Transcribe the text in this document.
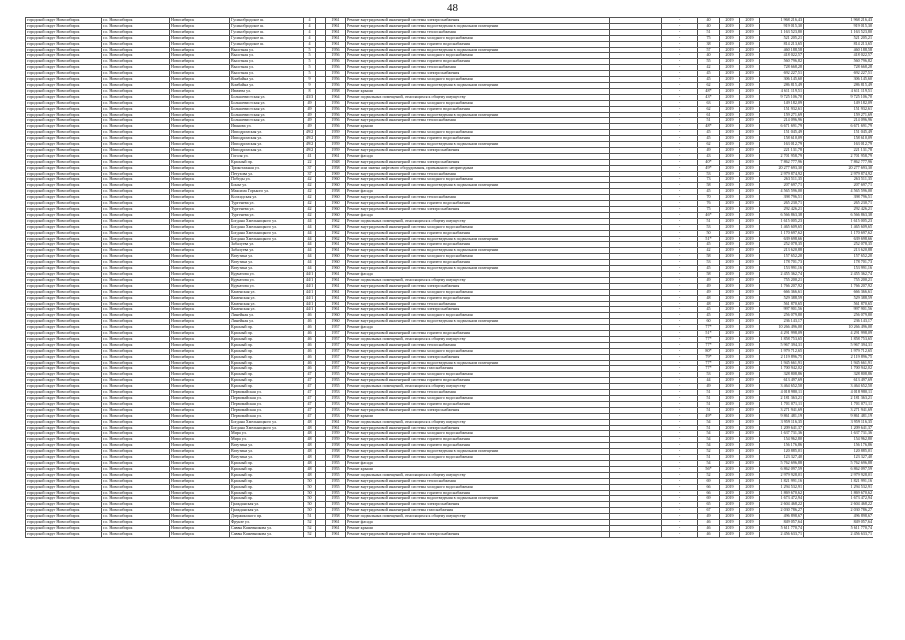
48
городской округ Новосибирск	г.о. Новосибирск	Новосибирск	Гусинобродское ш.	4		1961	Ремонт внутридомовой инженерной системы электроснабжения		-	40	2019	2019	1 968 216,43	1 968 216,43
городской округ Новосибирск	г.о. Новосибирск	Новосибирск	Гусинобродское ш.	4		1961	Ремонт внутридомовой инженерной системы водоотведения в подвальном помещении		-	40	2019	2019	919 015,30	919 015,30
городской округ Новосибирск	г.о. Новосибирск	Новосибирск	Гусинобродское ш.	4		1961	Ремонт внутридомовой инженерной системы теплоснабжения		-	51	2019	2019	1 163 523,80	1 163 523,80
городской округ Новосибирск	г.о. Новосибирск	Новосибирск	Гусинобродское ш.	4		1961	Ремонт внутридомовой инженерной системы холодного водоснабжения		-	75	2019	2019	521 205,21	521 205,21
городской округ Новосибирск	г.о. Новосибирск	Новосибирск	Гусинобродское ш.	4		1961	Ремонт внутридомовой инженерной системы горячего водоснабжения		-	38	2019	2019	814 213,65	814 213,65
городской округ Новосибирск	г.о. Новосибирск	Новосибирск	Высотная ул.	5		1956	Ремонт внутридомовой инженерной системы водоотведения в подвальном помещении		-	57	2019	2019	460 188,58	460 188,58
городской округ Новосибирск	г.о. Новосибирск	Новосибирск	Высотная ул.	5		1956	Ремонт внутридомовой инженерной системы холодного водоснабжения		-	40	2019	2019	418 022,57	418 022,57
городской округ Новосибирск	г.о. Новосибирск	Новосибирск	Высотная ул.	5		1956	Ремонт внутридомовой инженерной системы горячего водоснабжения		-	55	2019	2019	560 796,82	560 796,82
городской округ Новосибирск	г.о. Новосибирск	Новосибирск	Высотная ул.	5		1956	Ремонт внутридомовой инженерной системы теплоснабжения		-	42	2019	2019	728 668,28	728 668,28
городской округ Новосибирск	г.о. Новосибирск	Новосибирск	Высотная ул.	5		1956	Ремонт внутридомовой инженерной системы электроснабжения		-	45	2019	2019	692 227,51	692 227,51
городской округ Новосибирск	г.о. Новосибирск	Новосибирск	Комбайна ул.	9		1956	Ремонт внутридомовой инженерной системы холодного водоснабжения		-	45	2019	2019	306 145,60	306 145,60
городской округ Новосибирск	г.о. Новосибирск	Новосибирск	Комбайна ул.	9		1956	Ремонт внутридомовой инженерной системы водоотведения в подвальном помещении		-	62	2019	2019	286 815,49	286 815,49
городской округ Новосибирск	г.о. Новосибирск	Новосибирск	Ивачева ул.	8		1958	Ремонт крыши		-	48*	2019	2019	4 611 119,51	4 611 119,51
городской округ Новосибирск	г.о. Новосибирск	Новосибирск	Большевистская ул.	43/3		1964	Ремонт подвальных помещений, относящихся к общему имуществу		-	43*	2019	2019	9 725 106,70	9 725 106,70
городской округ Новосибирск	г.о. Новосибирск	Новосибирск	Большевистская ул.	49		1956	Ремонт внутридомовой инженерной системы холодного водоснабжения		-	63	2019	2019	149 182,09	149 182,09
городской округ Новосибирск	г.о. Новосибирск	Новосибирск	Большевистская ул.	49		1956	Ремонт внутридомовой инженерной системы горячего водоснабжения		-	62	2019	2019	151 932,61	151 932,61
городской округ Новосибирск	г.о. Новосибирск	Новосибирск	Большевистская ул.	49		1956	Ремонт внутридомовой инженерной системы водоотведения в подвальном помещении		-	61	2019	2019	159 271,69	159 271,69
городской округ Новосибирск	г.о. Новосибирск	Новосибирск	Большевистская ул.	49		1956	Ремонт внутридомовой инженерной системы теплоснабжения		-	51	2019	2019	214 096,96	214 096,96
городской округ Новосибирск	г.о. Новосибирск	Новосибирск	Иванова ул.	49		1956	Ремонт крыши		-	48*	2019	2019	6 671 691,79	6 671 691,79
городской округ Новосибирск	г.о. Новосибирск	Новосибирск	Ипподромская ул.	49/2		1959	Ремонт внутридомовой инженерной системы холодного водоснабжения		-	45	2019	2019	151 045,49	151 045,49
городской округ Новосибирск	г.о. Новосибирск	Новосибирск	Ипподромская ул.	49/2		1959	Ремонт внутридомовой инженерной системы горячего водоснабжения		-	45	2019	2019	158 610,09	158 610,09
городской округ Новосибирск	г.о. Новосибирск	Новосибирск	Ипподромская ул.	49/2		1959	Ремонт внутридомовой инженерной системы водоотведения в подвальном помещении		-	62	2019	2019	163 012,79	163 012,79
городской округ Новосибирск	г.о. Новосибирск	Новосибирск	Ипподромская ул.	49/2		1959	Ремонт внутридомовой инженерной системы электроснабжения		-	49	2019	2019	221 131,78	221 131,78
городской округ Новосибирск	г.о. Новосибирск	Новосибирск	Гоголя ул.	41		1961	Ремонт фасада		-	43	2019	2019	2 701 958,79	2 701 958,79
городской округ Новосибирск	г.о. Новосибирск	Новосибирск	Красный пр.	22		1948	Ремонт внутридомовой инженерной системы электроснабжения		-	40*	2019	2019	7 862 777,96	7 862 777,96
городской округ Новосибирск	г.о. Новосибирск	Новосибирск	Трикотажная ул.	37		1958	Ремонт или замена лифтового оборудования, признанного непригодным		-	49*	2019	2019	20 277 693,30	20 277 693,30
городской округ Новосибирск	г.о. Новосибирск	Новосибирск	Петухова ул.	37		1969	Ремонт внутридомовой инженерной системы теплоснабжения		-	53	2019	2019	2 979 874,92	2 979 874,92
городской округ Новосибирск	г.о. Новосибирск	Новосибирск	Победы ул.	42		1960	Ремонт внутридомовой инженерной системы холодного водоснабжения		-	73	2019	2019	263 511,35	263 511,35
городской округ Новосибирск	г.о. Новосибирск	Новосибирск	Бонье ул.	42		1960	Ремонт внутридомовой инженерной системы водоотведения в подвальном помещении		-	58	2019	2019	207 697,71	207 697,71
городской округ Новосибирск	г.о. Новосибирск	Новосибирск	Максима Горького ул.	42		1958	Ремонт фасада		-	45	2019	2019	4 565 596,00	4 565 596,00
городской округ Новосибирск	г.о. Новосибирск	Новосибирск	Колхидская ул.	42		1960	Ремонт внутридомовой инженерной системы теплоснабжения		-	70	2019	2019	398 796,51	398 796,51
городской округ Новосибирск	г.о. Новосибирск	Новосибирск	Тургенева ул.	42		1960	Ремонт внутридомовой инженерной системы горячего водоснабжения		-	76	2019	2019	265 230,71	265 230,71
городской округ Новосибирск	г.о. Новосибирск	Новосибирск	Тургенева ул.	42		1960	Ремонт внутридомовой инженерной системы электроснабжения		-	75	2019	2019	292 426,21	292 426,21
городской округ Новосибирск	г.о. Новосибирск	Новосибирск	Тургенева ул.	42		1960	Ремонт фасада		-	46*	2019	2019	6 566 863,38	6 566 863,38
городской округ Новосибирск	г.о. Новосибирск	Новосибирск	Богдана Хмельницкого ул.	44		1962	Ремонт подвальных помещений, относящихся к общему имуществу		-	51	2019	2019	1 615 005,23	1 615 005,23
городской округ Новосибирск	г.о. Новосибирск	Новосибирск	Богдана Хмельницкого ул.	44		1962	Ремонт внутридомовой инженерной системы холодного водоснабжения		-	53	2019	2019	1 465 609,65	1 465 609,65
городской округ Новосибирск	г.о. Новосибирск	Новосибирск	Богдана Хмельницкого ул.	44		1962	Ремонт внутридомовой инженерной системы горячего водоснабжения		-	50	2019	2019	1 170 697,62	1 170 697,62
городской округ Новосибирск	г.о. Новосибирск	Новосибирск	Богдана Хмельницкого ул.	44		1962	Ремонт внутридомовой инженерной системы водоотведения в подвальном помещении		-	51*	2019	2019	639 698,66	639 698,66
городской округ Новосибирск	г.о. Новосибирск	Новосибирск	Забалуева ул.	44		1961	Ремонт внутридомовой инженерной системы горячего водоснабжения		-	45	2019	2019	252 078,35	252 078,35
городской округ Новосибирск	г.о. Новосибирск	Новосибирск	Забалуева ул.	44		1961	Ремонт внутридомовой инженерной системы водоотведения в подвальном помещении		-	42	2019	2019	213 620,88	213 620,88
городской округ Новосибирск	г.о. Новосибирск	Новосибирск	Ватутина ул.	44		1960	Ремонт внутридомовой инженерной системы холодного водоснабжения		-	58	2019	2019	157 652,20	157 652,20
городской округ Новосибирск	г.о. Новосибирск	Новосибирск	Ватутина ул.	44		1960	Ремонт внутридомовой инженерной системы горячего водоснабжения		-	53	2019	2019	178 701,73	178 701,73
городской округ Новосибирск	г.о. Новосибирск	Новосибирск	Ватутина ул.	44		1960	Ремонт внутридомовой инженерной системы водоотведения в подвальном помещении		-	45	2019	2019	153 991,16	153 991,16
городской округ Новосибирск	г.о. Новосибирск	Новосибирск	Курчатова ул.	44/1		1961	Ремонт фасада		-	58	2019	2019	2 455 362,74	2 455 362,74
городской округ Новосибирск	г.о. Новосибирск	Новосибирск	Курчатова ул.	44/1		1961	Ремонт подвальных помещений, относящихся к общему имуществу		-	49	2019	2019	755 200,21	755 200,21
городской округ Новосибирск	г.о. Новосибирск	Новосибирск	Курчатова ул.	44/1		1961	Ремонт внутридомовой инженерной системы электроснабжения		-	49	2019	2019	1 766 207,92	1 766 207,92
городской округ Новосибирск	г.о. Новосибирск	Новосибирск	Каменская ул.	44/1		1961	Ремонт внутридомовой инженерной системы холодного водоснабжения		-	49	2019	2019	666 366,61	666 366,61
городской округ Новосибирск	г.о. Новосибирск	Новосибирск	Каменская ул.	44/1		1961	Ремонт внутридомовой инженерной системы горячего водоснабжения		-	48	2019	2019	529 388,59	529 388,59
городской округ Новосибирск	г.о. Новосибирск	Новосибирск	Каменская ул.	44/1		1961	Ремонт внутридомовой инженерной системы теплоснабжения		-	48	2019	2019	561 870,65	561 870,65
городской округ Новосибирск	г.о. Новосибирск	Новосибирск	Каменская ул.	44/1		1961	Ремонт внутридомовой инженерной системы электроснабжения		-	45	2019	2019	997 901,56	997 901,56
городской округ Новосибирск	г.о. Новосибирск	Новосибирск	Линейная ул.	46		1960	Ремонт внутридомовой инженерной системы холодного водоснабжения		-	45	2019	2019	256 079,80	256 079,80
городской округ Новосибирск	г.о. Новосибирск	Новосибирск	Линейная ул.	46		1960	Ремонт внутридомовой инженерной системы водоотведения в подвальном помещении		-	60	2019	2019	236 143,17	236 143,17
городской округ Новосибирск	г.о. Новосибирск	Новосибирск	Красный пр.	46		1957	Ремонт фасада		-	77*	2019	2019	10 266 496,00	10 266 496,00
городской округ Новосибирск	г.о. Новосибирск	Новосибирск	Красный пр.	46		1957	Ремонт внутридомовой инженерной системы горячего водоснабжения		-	51*	2019	2019	4 291 998,09	4 291 998,09
городской округ Новосибирск	г.о. Новосибирск	Новосибирск	Красный пр.	46		1957	Ремонт подвальных помещений, относящихся к общему имуществу		-	77*	2019	2019	1 858 753,65	1 858 753,65
городской округ Новосибирск	г.о. Новосибирск	Новосибирск	Красный пр.	46		1957	Ремонт внутридомовой инженерной системы теплоснабжения		-	77*	2019	2019	5 967 394,31	5 967 394,31
городской округ Новосибирск	г.о. Новосибирск	Новосибирск	Красный пр.	46		1957	Ремонт внутридомовой инженерной системы холодного водоснабжения		-	80*	2019	2019	1 979 712,65	1 979 712,65
городской округ Новосибирск	г.о. Новосибирск	Новосибирск	Красный пр.	46		1957	Ремонт внутридомовой инженерной системы электроснабжения		-	79*	2019	2019	2 119 896,75	2 119 896,75
городской округ Новосибирск	г.о. Новосибирск	Новосибирск	Красный пр.	46		1957	Ремонт внутридомовой инженерной системы водоотведения в подвальном помещении		-	77*	2019	2019	1 945 661,91	1 945 661,91
городской округ Новосибирск	г.о. Новосибирск	Новосибирск	Красный пр.	46		1957	Ремонт внутридомовой инженерной системы газоснабжения		-	77*	2019	2019	1 700 942,02	1 700 942,02
городской округ Новосибирск	г.о. Новосибирск	Новосибирск	Красный пр.	47		1955	Ремонт внутридомовой инженерной системы холодного водоснабжения		-	53	2019	2019	328 808,86	328 808,86
городской округ Новосибирск	г.о. Новосибирск	Новосибирск	Красный пр.	47		1955	Ремонт внутридомовой инженерной системы горячего водоснабжения		-	44	2019	2019	613 497,69	613 497,69
городской округ Новосибирск	г.о. Новосибирск	Новосибирск	Красный пр.	47		1955	Ремонт подвальных помещений, относящихся к общему имуществу		-	49	2019	2019	3 464 652,50	3 464 652,50
городской округ Новосибирск	г.о. Новосибирск	Новосибирск	Первомайская ул.	47		1953	Ремонт внутридомовой инженерной системы теплоснабжения		-	51	2019	2019	4 018 980,11	4 018 980,11
городской округ Новосибирск	г.о. Новосибирск	Новосибирск	Первомайская ул.	47		1953	Ремонт внутридомовой инженерной системы холодного водоснабжения		-	51	2019	2019	2 181 363,21	2 181 363,21
городской округ Новосибирск	г.о. Новосибирск	Новосибирск	Первомайская ул.	47		1953	Ремонт внутридомовой инженерной системы горячего водоснабжения		-	51	2019	2019	1 701 071,11	1 701 071,11
городской округ Новосибирск	г.о. Новосибирск	Новосибирск	Первомайская ул.	47		1953	Ремонт внутридомовой инженерной системы электроснабжения		-	51	2019	2019	3 271 941,69	3 271 941,69
городской округ Новосибирск	г.о. Новосибирск	Новосибирск	Первомайская ул.	47		1953	Ремонт крыши		-	49*	2019	2019	9 861 481,19	9 861 481,19
городской округ Новосибирск	г.о. Новосибирск	Новосибирск	Богдана Хмельницкого ул.	48		1961	Ремонт подвальных помещений, относящихся к общему имуществу		-	54	2019	2019	3 959 116,35	3 959 116,35
городской округ Новосибирск	г.о. Новосибирск	Новосибирск	Богдана Хмельницкого ул.	48		1961	Ремонт внутридомовой инженерной системы электроснабжения		-	51	2019	2019	1 209 641,37	1 209 641,37
городской округ Новосибирск	г.о. Новосибирск	Новосибирск	Мира ул.	48		1959	Ремонт внутридомовой инженерной системы холодного водоснабжения		-	54	2019	2019	1 637 731,36	1 637 731,36
городской округ Новосибирск	г.о. Новосибирск	Новосибирск	Мира ул.	48		1959	Ремонт внутридомовой инженерной системы горячего водоснабжения		-	54	2019	2019	154 962,80	154 962,80
городской округ Новосибирск	г.о. Новосибирск	Новосибирск	Ватутина ул.	48		1958	Ремонт внутридомовой инженерной системы горячего водоснабжения		-	54	2019	2019	156 176,86	156 176,86
городской округ Новосибирск	г.о. Новосибирск	Новосибирск	Ватутина ул.	48		1958	Ремонт внутридомовой инженерной системы водоотведения в подвальном помещении		-	52	2019	2019	120 885,01	120 885,01
городской округ Новосибирск	г.о. Новосибирск	Новосибирск	Ватутина ул.	48		1958	Ремонт внутридомовой инженерной системы холодного водоснабжения		-	51	2019	2019	123 327,40	123 327,40
городской округ Новосибирск	г.о. Новосибирск	Новосибирск	Красный пр.	48		1955	Ремонт фасада		-	54	2019	2019	5 762 696,88	5 762 696,88
городской округ Новосибирск	г.о. Новосибирск	Новосибирск	Красный пр.	48		1955	Ремонт крыши		-	56*	2019	2019	6 862 097,59	6 862 097,59
городской округ Новосибирск	г.о. Новосибирск	Новосибирск	Красный пр.	48		1955	Ремонт подвальных помещений, относящихся к общему имуществу		-	52	2019	2019	2 979 928,01	2 979 928,01
городской округ Новосибирск	г.о. Новосибирск	Новосибирск	Красный пр.	50		1955	Ремонт внутридомовой инженерной системы теплоснабжения		-	69	2019	2019	1 821 991,16	1 821 991,16
городской округ Новосибирск	г.о. Новосибирск	Новосибирск	Красный пр.	50		1955	Ремонт внутридомовой инженерной системы холодного водоснабжения		-	66	2019	2019	1 294 532,91	1 294 532,91
городской округ Новосибирск	г.о. Новосибирск	Новосибирск	Красный пр.	50		1955	Ремонт внутридомовой инженерной системы горячего водоснабжения		-	66	2019	2019	1 869 670,62	1 869 670,62
городской округ Новосибирск	г.о. Новосибирск	Новосибирск	Красный пр.	50		1955	Ремонт внутридомовой инженерной системы водоотведения в подвальном помещении		-	69	2019	2019	1 673 472,94	1 673 472,94
городской округ Новосибирск	г.о. Новосибирск	Новосибирск	Гражданская ул.	50		1955	Ремонт внутридомовой инженерной системы электроснабжения		-	65	2019	2019	2 604 468,22	2 604 468,22
городской округ Новосибирск	г.о. Новосибирск	Новосибирск	Гражданская ул.	50		1955	Ремонт внутридомовой инженерной системы газоснабжения		-	67	2019	2019	2 030 786,27	2 030 786,27
городской округ Новосибирск	г.о. Новосибирск	Новосибирск	Дзержинского пр.	51		1958	Ремонт подвальных помещений, относящихся к общему имуществу		-	49	2019	2019	496 898,67	496 898,67
городской округ Новосибирск	г.о. Новосибирск	Новосибирск	Фрунзе ул.	52		1961	Ремонт фасада		-	46	2019	2019	849 057,64	849 057,64
городской округ Новосибирск	г.о. Новосибирск	Новосибирск	Саввы Кожевникова ул.	52		1961	Ремонт крыши		-	46	2019	2019	5 611 770,74	5 611 770,74
городской округ Новосибирск	г.о. Новосибирск	Новосибирск	Саввы Кожевникова ул.	52		1961	Ремонт внутридомовой инженерной системы электроснабжения		-	46	2019	2019	2 456 633,71	2 456 633,71
